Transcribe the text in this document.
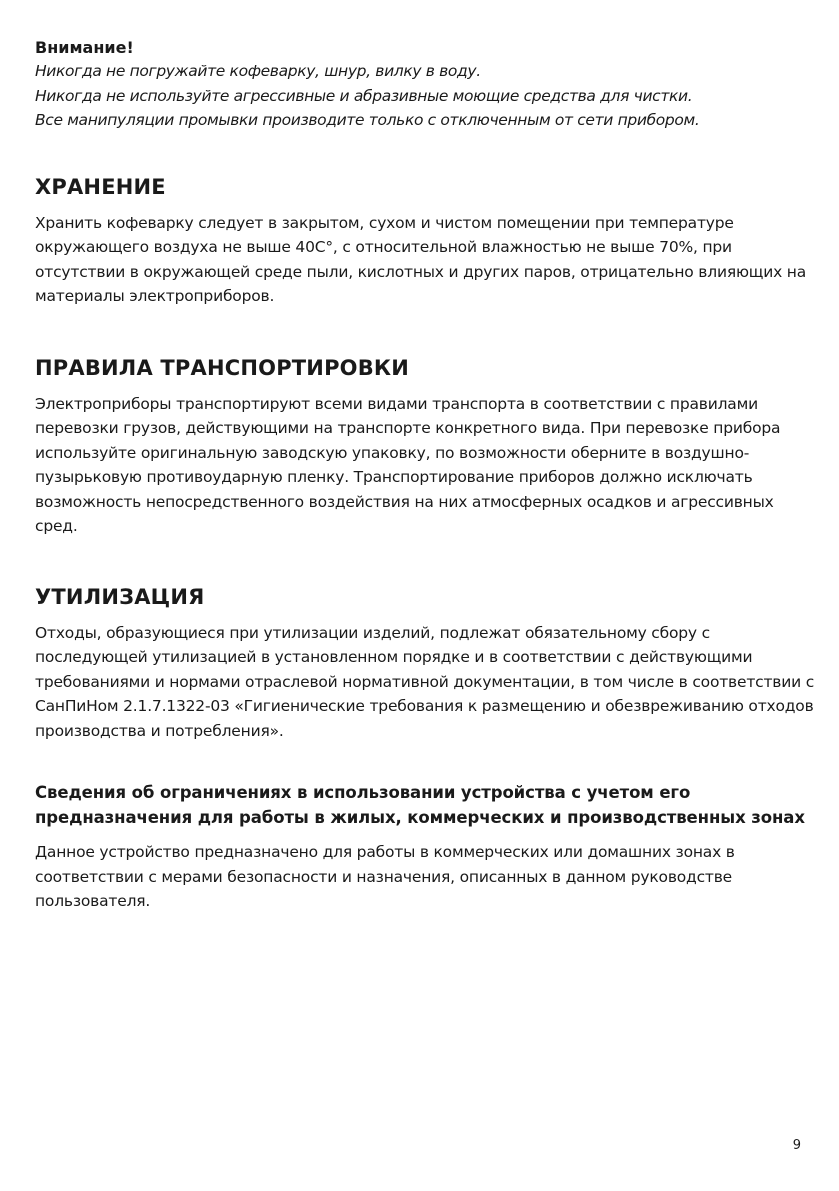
Внимание!

Никогда не погружайте кофеварку, шнур, вилку в воду.

Никогда не используйте агрессивные и абразивные моющие средства для чистки.

Все манипуляции промывки производите только с отключенным от сети прибором.

ХРАНЕНИЕ

Хранить кофеварку следует в закрытом, сухом и чистом помещении при температуре окружающего воздуха не выше 40С°, с относительной влажностью не выше 70%, при отсутствии в окружающей среде пыли, кислотных и других паров, отрицательно влияющих на материалы электроприборов.

ПРАВИЛА ТРАНСПОРТИРОВКИ

Электроприборы транспортируют всеми видами транспорта в соответствии с правилами перевозки грузов, действующими на транспорте конкретного вида. При перевозке прибора используйте оригинальную заводскую упаковку, по возможности оберните в воздушно-пузырьковую противоударную пленку. Транспортирование приборов должно исключать возможность непосредственного воздействия на них атмосферных осадков и агрессивных сред.

УТИЛИЗАЦИЯ

Отходы, образующиеся при утилизации изделий, подлежат обязательному сбору с последующей утилизацией в установленном порядке и в соответствии с действующими требованиями и нормами отраслевой нормативной документации, в том числе в соответствии с СанПиНом 2.1.7.1322-03 «Гигиенические требования к размещению и обезвреживанию отходов производства и потребления».

Сведения об ограничениях в использовании устройства с учетом его предназначения для работы в жилых, коммерческих и производственных зонах

Данное устройство предназначено для работы в коммерческих или домашних зонах в соответствии с мерами безопасности и назначения, описанных в данном руководстве пользователя.

9
